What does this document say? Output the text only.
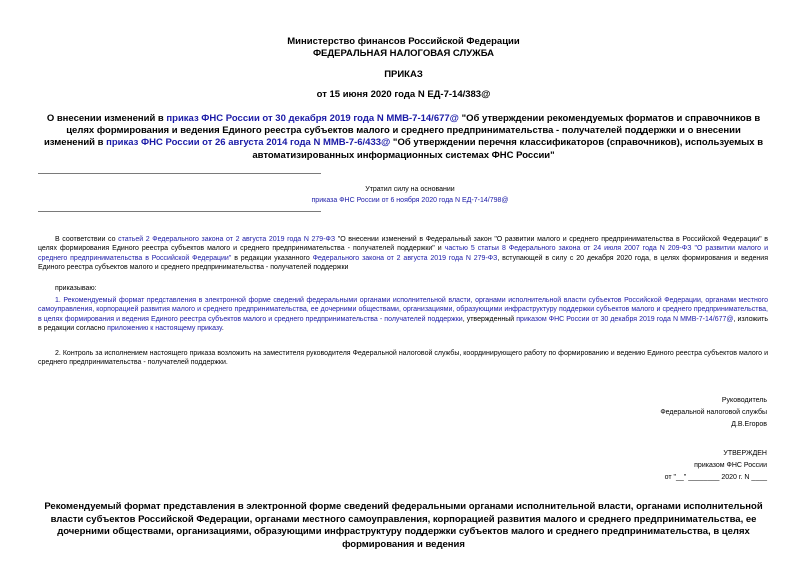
Министерство финансов Российской Федерации
ФЕДЕРАЛЬНАЯ НАЛОГОВАЯ СЛУЖБА
ПРИКАЗ
от 15 июня 2020 года N ЕД-7-14/383@
О внесении изменений в приказ ФНС России от 30 декабря 2019 года N ММВ-7-14/677@ "Об утверждении рекомендуемых форматов и справочников в целях формирования и ведения Единого реестра субъектов малого и среднего предпринимательства - получателей поддержки и о внесении изменений в приказ ФНС России от 26 августа 2014 года N ММВ-7-6/433@ "Об утверждении перечня классификаторов (справочников), используемых в автоматизированных информационных системах ФНС России"
Утратил силу на основании
приказа ФНС России от 6 ноября 2020 года N ЕД-7-14/798@
В соответствии со статьей 2 Федерального закона от 2 августа 2019 года N 279-ФЗ "О внесении изменений в Федеральный закон "О развитии малого и среднего предпринимательства в Российской Федерации" в целях формирования Единого реестра субъектов малого и среднего предпринимательства - получателей поддержки" и частью 5 статьи 8 Федерального закона от 24 июля 2007 года N 209-ФЗ "О развитии малого и среднего предпринимательства в Российской Федерации" в редакции указанного Федерального закона от 2 августа 2019 года N 279-ФЗ, вступающей в силу с 20 декабря 2020 года, в целях формирования и ведения Единого реестра субъектов малого и среднего предпринимательства - получателей поддержки
приказываю:
1. Рекомендуемый формат представления в электронной форме сведений федеральными органами исполнительной власти, органами исполнительной власти субъектов Российской Федерации, органами местного самоуправления, корпорацией развития малого и среднего предпринимательства, ее дочерними обществами, организациями, образующими инфраструктуру поддержки субъектов малого и среднего предпринимательства, в целях формирования и ведения Единого реестра субъектов малого и среднего предпринимательства - получателей поддержки, утвержденный приказом ФНС России от 30 декабря 2019 года N ММВ-7-14/677@, изложить в редакции согласно приложению к настоящему приказу.
2. Контроль за исполнением настоящего приказа возложить на заместителя руководителя Федеральной налоговой службы, координирующего работу по формированию и ведению Единого реестра субъектов малого и среднего предпринимательства - получателей поддержки.
Руководитель
Федеральной налоговой службы
Д.В.Егоров
УТВЕРЖДЕН
приказом ФНС России
от "__" ________ 2020 г. N ____
Рекомендуемый формат представления в электронной форме сведений федеральными органами исполнительной власти, органами исполнительной власти субъектов Российской Федерации, органами местного самоуправления, корпорацией развития малого и среднего предпринимательства, ее дочерними обществами, организациями, образующими инфраструктуру поддержки субъектов малого и среднего предпринимательства, в целях формирования и ведения
